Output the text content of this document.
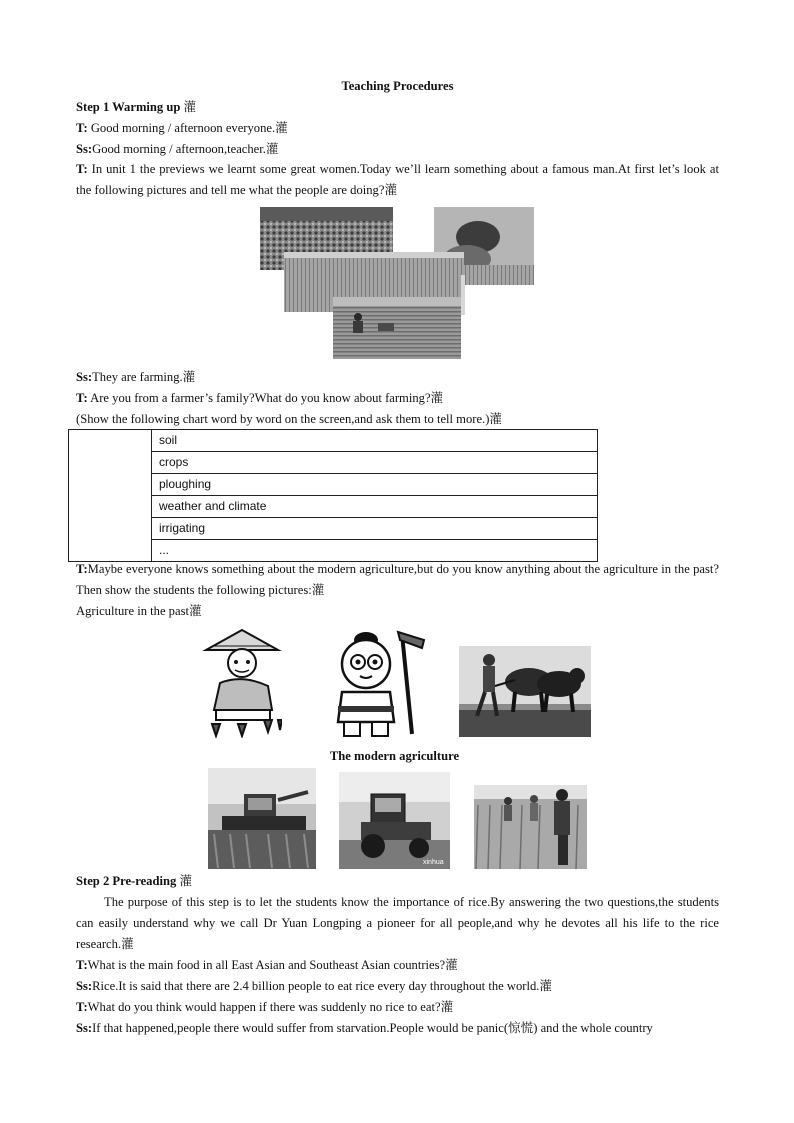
Teaching Procedures
Step 1 Warming up 灌
T: Good morning / afternoon everyone.灌
Ss:Good morning / afternoon,teacher.灌
T: In unit 1 the previews we learnt some great women.Today we’ll learn something about a famous man.At first let’s look at the following pictures and tell me what the people are doing?灌
Ss:They are farming.灌
T: Are you from a farmer’s family?What do you know about farming?灌
(Show the following chart word by word on the screen,and ask them to tell more.)灌
	soil
crops
ploughing
weather and climate
irrigating
...
T:Maybe everyone knows something about the modern agriculture,but do you know anything about the agriculture in the past?Then show the students the following pictures:灌
Agriculture in the past灌
The modern agriculture
xinhua
Step 2 Pre-reading 灌
The purpose of this step is to let the students know the importance of rice.By answering the two questions,the students can easily understand why we call Dr Yuan Longping a pioneer for all people,and why he devotes all his life to the rice research.灌
T:What is the main food in all East Asian and Southeast Asian countries?灌
Ss:Rice.It is said that there are 2.4 billion people to eat rice every day throughout the world.灌
T:What do you think would happen if there was suddenly no rice to eat?灌
Ss:If that happened,people there would suffer from starvation.People would be panic(惊慌) and the whole country
